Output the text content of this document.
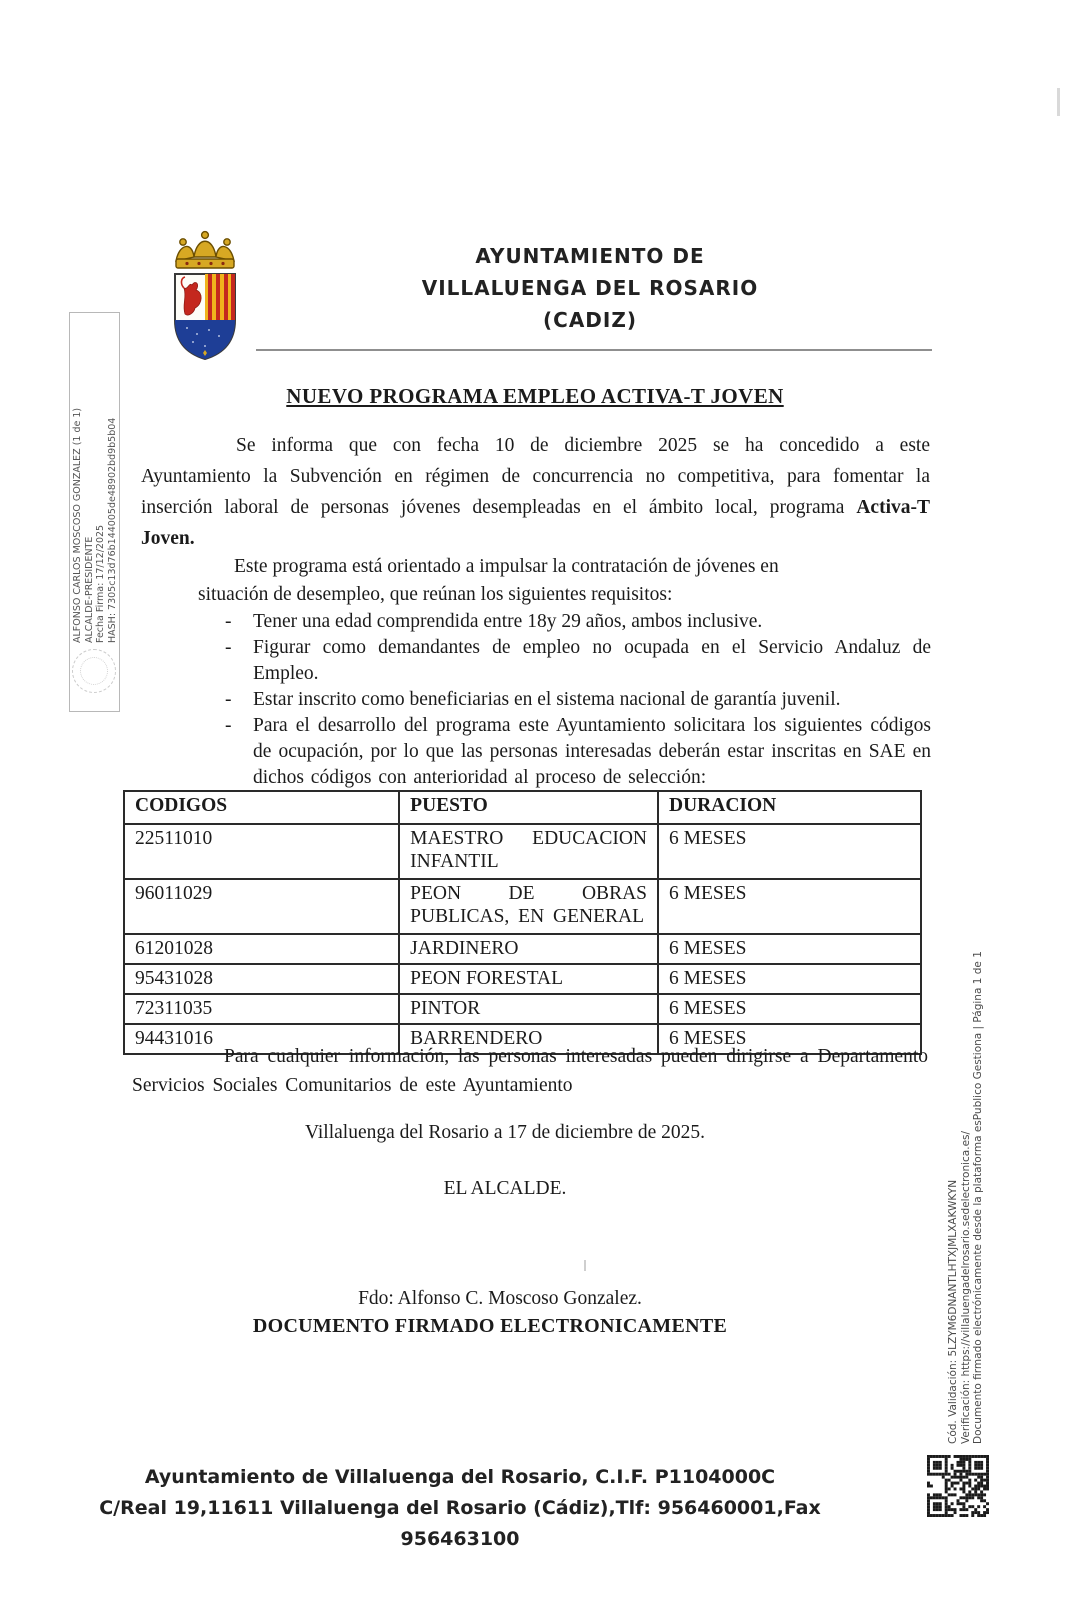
AYUNTAMIENTO DE
VILLALUENGA DEL ROSARIO
(CADIZ)
NUEVO PROGRAMA EMPLEO ACTIVA-T JOVEN
Se informa que con fecha 10 de diciembre 2025 se ha concedido a este Ayuntamiento la Subvención en régimen de concurrencia no competitiva, para fomentar la inserción laboral de personas jóvenes desempleadas en el ámbito local, programa Activa-T Joven.
Este programa está orientado a impulsar la contratación de jóvenes en
situación de desempleo, que reúnan los siguientes requisitos:
-	Tener una edad comprendida entre 18y 29 años, ambos inclusive.
-	Figurar como demandantes de empleo no ocupada en el Servicio Andaluz de Empleo.
-	Estar inscrito como beneficiarias en el sistema nacional de garantía juvenil.
-	Para el desarrollo del programa este Ayuntamiento solicitara los siguientes códigos de ocupación, por lo que las personas interesadas deberán estar inscritas en SAE en dichos códigos con anterioridad al proceso de selección:
CODIGOS	PUESTO	DURACION
22511010	MAESTRO EDUCACION INFANTIL	6 MESES
96011029	PEON DE OBRAS PUBLICAS, EN GENERAL	6 MESES
61201028	JARDINERO	6 MESES
95431028	PEON FORESTAL	6 MESES
72311035	PINTOR	6 MESES
94431016	BARRENDERO	6 MESES
Para cualquier información, las personas interesadas pueden dirigirse a Departamento Servicios Sociales Comunitarios de este Ayuntamiento
Villaluenga del Rosario a 17 de diciembre de 2025.
EL ALCALDE.
Fdo: Alfonso C. Moscoso Gonzalez.
DOCUMENTO FIRMADO ELECTRONICAMENTE
Ayuntamiento de Villaluenga del Rosario, C.I.F. P1104000C
C/Real 19,11611 Villaluenga del Rosario (Cádiz),Tlf: 956460001,Fax 956463100
ALFONSO CARLOS MOSCOSO GONZALEZ (1 de 1) ALCALDE-PRESIDENTE Fecha Firma: 17/12/2025 HASH: 7305c13d76b144005de48902bd9b5b04
Cód. Validación: 5LZYM6DNANTLHTXJMLXAKWKYN Verificación: https://villaluengadelrosario.sedelectronica.es/ Documento firmado electrónicamente desde la plataforma esPublico Gestiona | Página 1 de 1
